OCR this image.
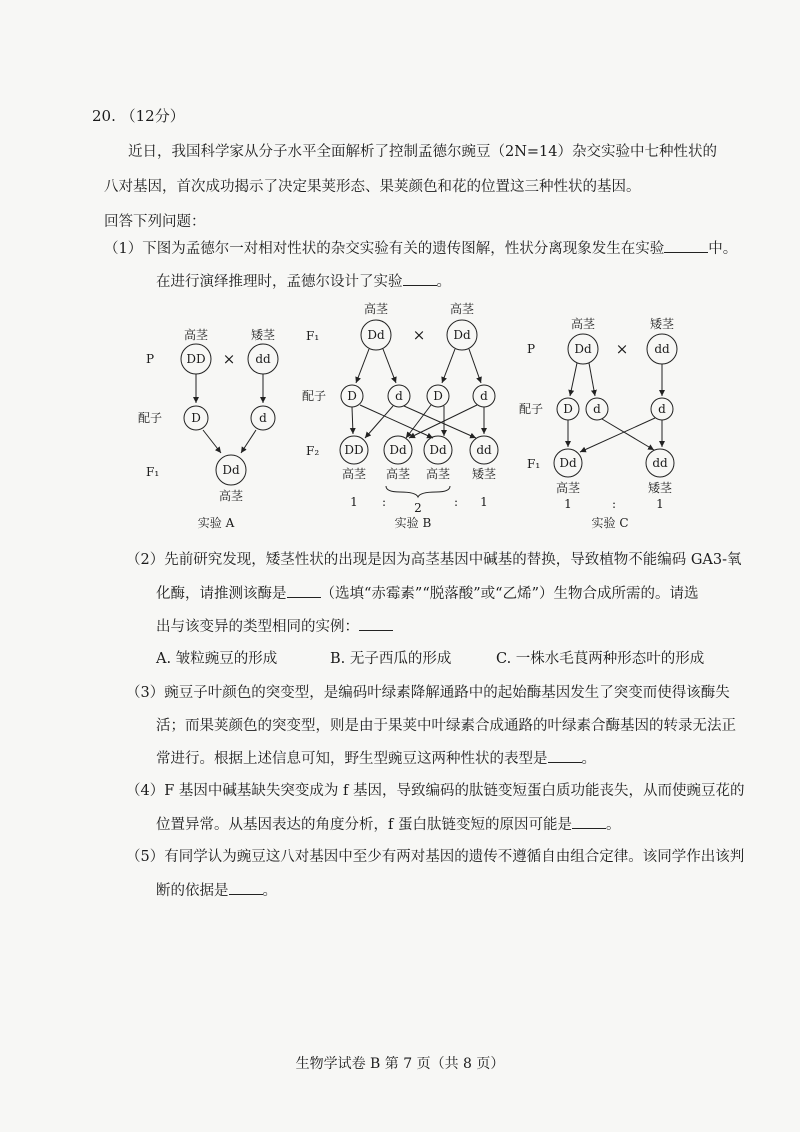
20. （12分）
近日，我国科学家从分子水平全面解析了控制孟德尔豌豆（2N=14）杂交实验中七种性状的
八对基因，首次成功揭示了决定果荚形态、果荚颜色和花的位置这三种性状的基因。
回答下列问题：
（1）下图为孟德尔一对相对性状的杂交实验有关的遗传图解，性状分离现象发生在实验	中。
在进行演绎推理时，孟德尔设计了实验 。
P
配子
F₁
高茎	矮茎
×
DD	dd
D	d
Dd
高茎
实验 A
F₁
配子
F₂
高茎	高茎
×
Dd	Dd
D	d	D	d
DD Dd Dd dd
高茎 高茎 高茎 矮茎
1 : 2	: 1
实验 B
P
配子
F₁
高茎	矮茎
×
Dd	dd
D d	d
Dd	dd
高茎	矮茎
1	:	1
实验 C
（2）先前研究发现，矮茎性状的出现是因为高茎基因中碱基的替换，导致植物不能编码 GA3-氧
化酶，请推测该酶是 （选填“赤霉素”“脱落酸”或“乙烯”）生物合成所需的。请选
出与该变异的类型相同的实例：
A. 皱粒豌豆的形成	B. 无子西瓜的形成	C. 一株水毛茛两种形态叶的形成
（3）豌豆子叶颜色的突变型，是编码叶绿素降解通路中的起始酶基因发生了突变而使得该酶失
活；而果荚颜色的突变型，则是由于果荚中叶绿素合成通路的叶绿素合酶基因的转录无法正
常进行。根据上述信息可知，野生型豌豆这两种性状的表型是 。
（4）F 基因中碱基缺失突变成为 f 基因，导致编码的肽链变短蛋白质功能丧失，从而使豌豆花的
位置异常。从基因表达的角度分析，f 蛋白肽链变短的原因可能是 。
（5）有同学认为豌豆这八对基因中至少有两对基因的遗传不遵循自由组合定律。该同学作出该判
断的依据是 。
生物学试卷 B 第 7 页（共 8 页）
